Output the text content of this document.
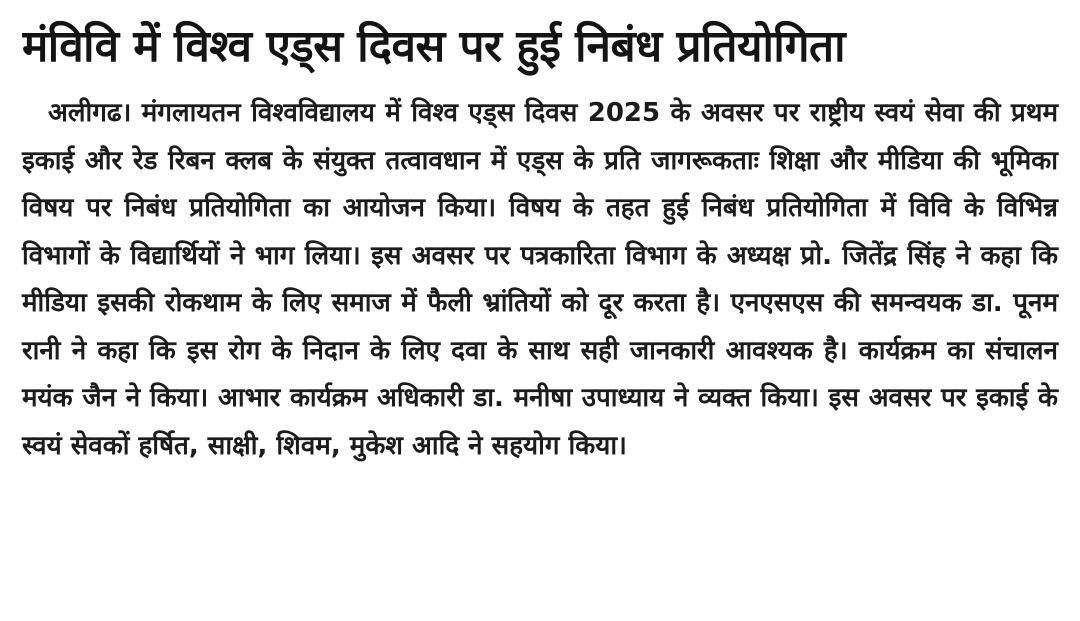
मंविवि में विश्व एड्स दिवस पर हुई निबंध प्रतियोगिता

अलीगढ। मंगलायतन विश्वविद्यालय में विश्व एड्स दिवस 2025 के अवसर पर राष्ट्रीय स्वयं सेवा की प्रथम इकाई और रेड रिबन क्लब के संयुक्त तत्वावधान में एड्स के प्रति जागरूकताः शिक्षा और मीडिया की भूमिका विषय पर निबंध प्रतियोगिता का आयोजन किया। विषय के तहत हुई निबंध प्रतियोगिता में विवि के विभिन्न विभागों के विद्यार्थियों ने भाग लिया। इस अवसर पर पत्रकारिता विभाग के अध्यक्ष प्रो. जितेंद्र सिंह ने कहा कि मीडिया इसकी रोकथाम के लिए समाज में फैली भ्रांतियों को दूर करता है। एनएसएस की समन्वयक डा. पूनम रानी ने कहा कि इस रोग के निदान के लिए दवा के साथ सही जानकारी आवश्यक है। कार्यक्रम का संचालन मयंक जैन ने किया। आभार कार्यक्रम अधिकारी डा. मनीषा उपाध्याय ने व्यक्त किया। इस अवसर पर इकाई के स्वयं सेवकों हर्षित, साक्षी, शिवम, मुकेश आदि ने सहयोग किया।
